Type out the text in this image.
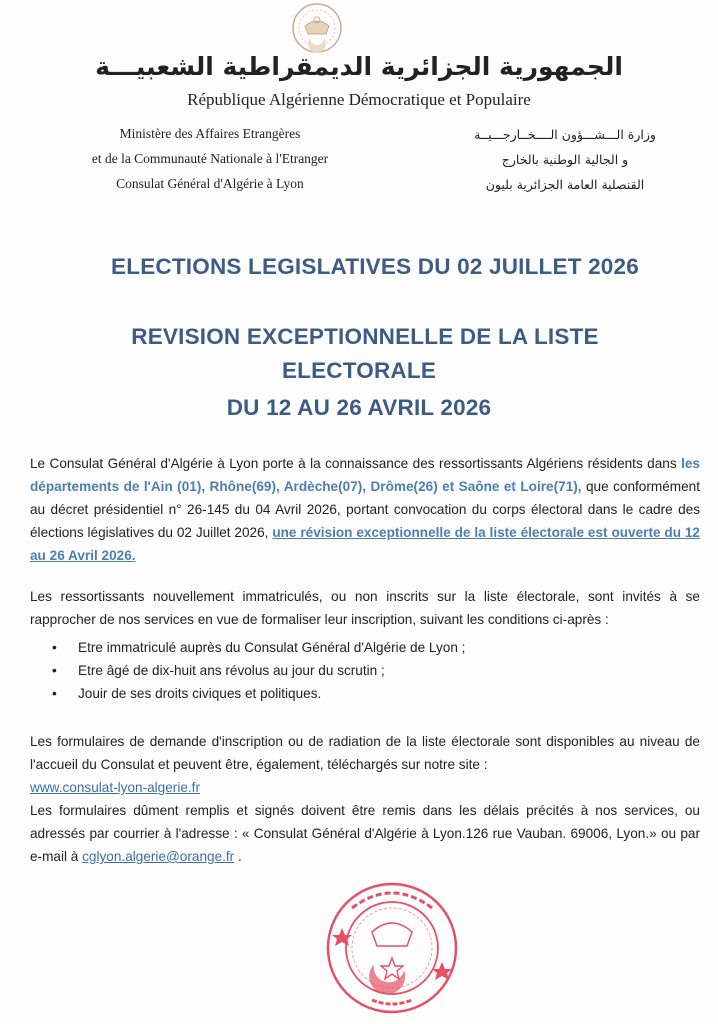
الجمهورية الجزائرية الديمقراطية الشعبيـــة
République Algérienne Démocratique et Populaire
Ministère des Affaires Etrangères
et de la Communauté Nationale à l'Etranger
Consulat Général d'Algérie à Lyon
وزارة الـــشـــؤون الــــخــارجـــيــة
و الجالية الوطنية بالخارج
القنصلية العامة الجزائرية بليون
ELECTIONS LEGISLATIVES DU 02 JUILLET 2026
REVISION EXCEPTIONNELLE DE LA LISTE
ELECTORALE
DU 12 AU 26 AVRIL 2026
Le Consulat Général d'Algérie à Lyon porte à la connaissance des ressortissants Algériens résidents dans les départements de l'Ain (01), Rhône(69), Ardèche(07), Drôme(26) et Saône et Loire(71), que conformément au décret présidentiel n° 26-145 du 04 Avril 2026, portant convocation du corps électoral dans le cadre des élections législatives du 02 Juillet 2026, une révision exceptionnelle de la liste électorale est ouverte du 12 au 26 Avril 2026.
Les ressortissants nouvellement immatriculés, ou non inscrits sur la liste électorale, sont invités à se rapprocher de nos services en vue de formaliser leur inscription, suivant les conditions ci-après :
• Etre immatriculé auprès du Consulat Général d'Algérie de Lyon ;
• Etre âgé de dix-huit ans révolus au jour du scrutin ;
• Jouir de ses droits civiques et politiques.
Les formulaires de demande d'inscription ou de radiation de la liste électorale sont disponibles au niveau de l'accueil du Consulat et peuvent être, également, téléchargés sur notre site :
www.consulat-lyon-algerie.fr
Les formulaires dûment remplis et signés doivent être remis dans les délais précités à nos services, ou adressés par courrier à l'adresse : « Consulat Général d'Algérie à Lyon.126 rue Vauban. 69006, Lyon.» ou par e-mail à cglyon.algerie@orange.fr .
